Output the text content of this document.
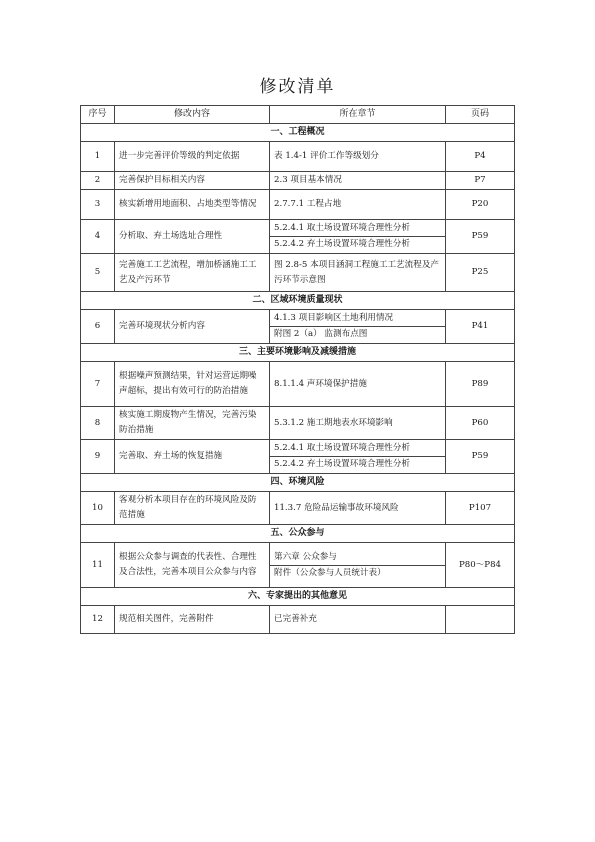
修改清单
序号	修改内容	所在章节	页码
一、工程概况			
1	进一步完善评价等级的判定依据	表 1.4-1 评价工作等级划分	P4
2	完善保护目标相关内容	2.3 项目基本情况	P7
3	核实新增用地面积、占地类型等情况	2.7.7.1 工程占地	P20
4	分析取、弃土场选址合理性	5.2.4.1 取土场设置环境合理性分析
5.2.4.2 弃土场设置环境合理性分析	P59
5	完善施工工艺流程，增加桥涵施工工艺及产污环节	图 2.8-5 本项目涵洞工程施工工艺流程及产污环节示意图	P25
二、区域环境质量现状			
6	完善环境现状分析内容	4.1.3 项目影响区土地利用情况
附图 2（a） 监测布点图	P41
三、主要环境影响及减缓措施			
7	根据噪声预测结果，针对运营远期噪声超标，提出有效可行的防治措施	8.1.1.4 声环境保护措施	P89
8	核实施工期废物产生情况，完善污染防治措施	5.3.1.2 施工期地表水环境影响	P60
9	完善取、弃土场的恢复措施	5.2.4.1 取土场设置环境合理性分析
5.2.4.2 弃土场设置环境合理性分析	P59
四、环境风险			
10	客观分析本项目存在的环境风险及防范措施	11.3.7 危险品运输事故环境风险	P107
五、公众参与			
11	根据公众参与调查的代表性、合理性及合法性，完善本项目公众参与内容	第六章 公众参与
附件（公众参与人员统计表）	P80～P84
六、专家提出的其他意见			
12	规范相关图件，完善附件	已完善补充	
